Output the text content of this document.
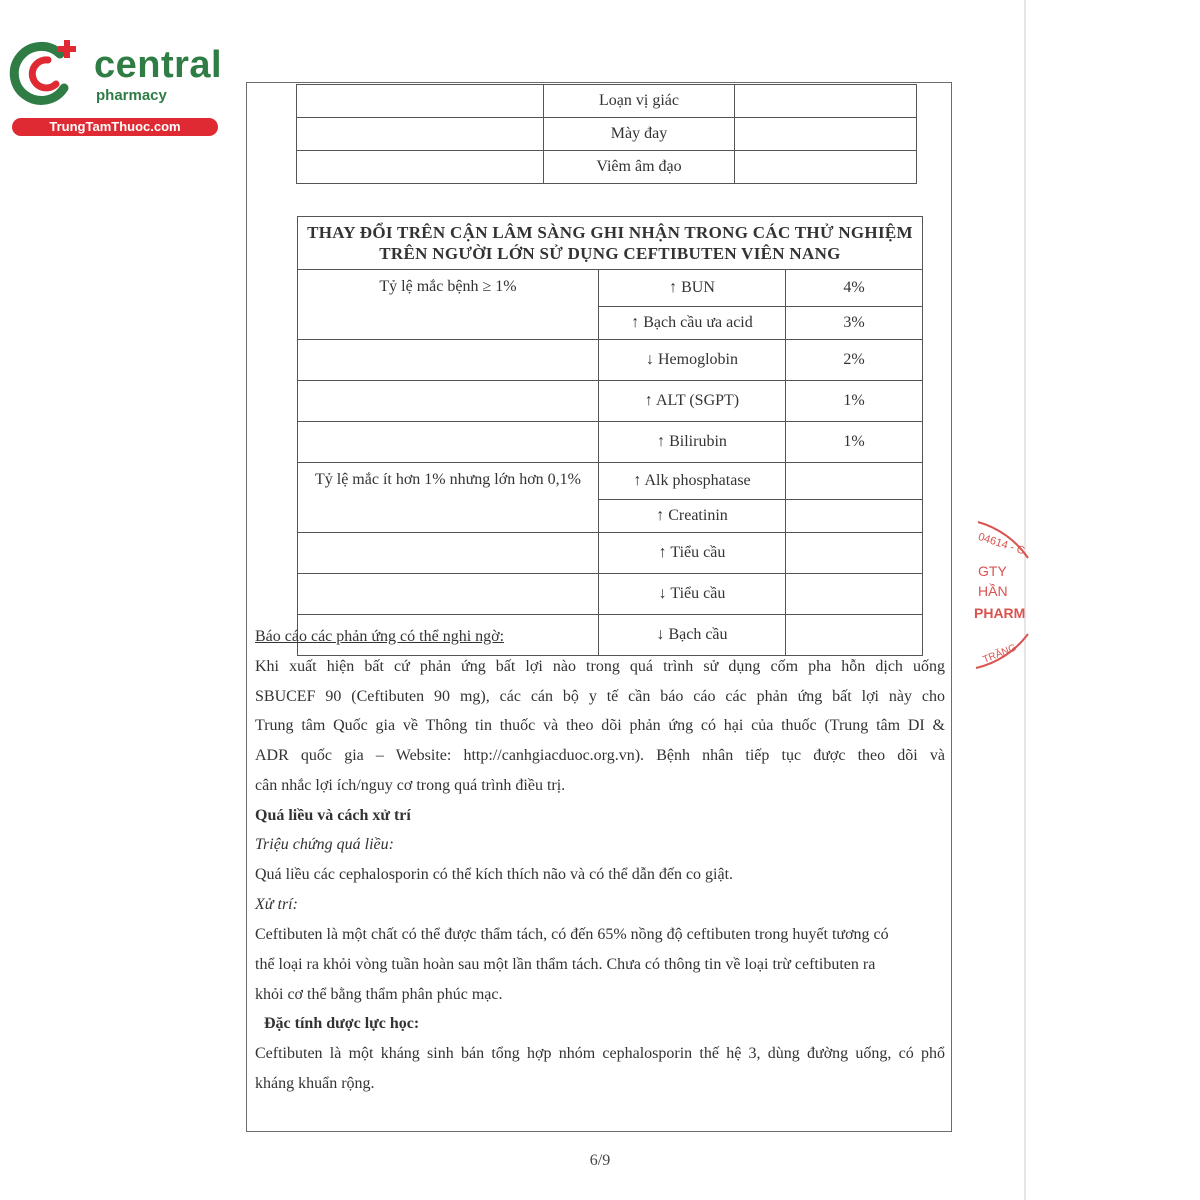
central
pharmacy
TrungTamThuoc.com
	Loạn vị giác	
	Mày đay	
	Viêm âm đạo	
THAY ĐỔI TRÊN CẬN LÂM SÀNG GHI NHẬN TRONG CÁC THỬ NGHIỆM
TRÊN NGƯỜI LỚN SỬ DỤNG CEFTIBUTEN VIÊN NANG		

Tỷ lệ mắc bệnh ≥ 1%	↑ BUN	4%
	↑ Bạch cầu ưa acid	3%
	↓ Hemoglobin	2%
	↑ ALT (SGPT)	1%
	↑ Bilirubin	1%
Tỷ lệ mắc ít hơn 1% nhưng lớn hơn 0,1%	↑ Alk phosphatase	
	↑ Creatinin	
	↑ Tiểu cầu	
	↓ Tiểu cầu	
	↓ Bạch cầu	
Báo cáo các phản ứng có thể nghi ngờ:
Khi xuất hiện bất cứ phản ứng bất lợi nào trong quá trình sử dụng cốm pha hỗn dịch uống
SBUCEF 90 (Ceftibuten 90 mg), các cán bộ y tế cần báo cáo các phản ứng bất lợi này cho
Trung tâm Quốc gia về Thông tin thuốc và theo dõi phản ứng có hại của thuốc (Trung tâm DI &
ADR quốc gia – Website: http://canhgiacduoc.org.vn). Bệnh nhân tiếp tục được theo dõi và
cân nhắc lợi ích/nguy cơ trong quá trình điều trị.
Quá liều và cách xử trí
Triệu chứng quá liều:
Quá liều các cephalosporin có thể kích thích não và có thể dẫn đến co giật.
Xử trí:
Ceftibuten là một chất có thể được thẩm tách, có đến 65% nồng độ ceftibuten trong huyết tương có
thể loại ra khỏi vòng tuần hoàn sau một lần thẩm tách. Chưa có thông tin về loại trừ ceftibuten ra
khỏi cơ thể bằng thẩm phân phúc mạc.
Đặc tính dược lực học:
Ceftibuten là một kháng sinh bán tổng hợp nhóm cephalosporin thế hệ 3, dùng đường uống, có phổ
kháng khuẩn rộng.
6/9
04614 - C
GTY
HẦN
PHARM
TRĂNG
